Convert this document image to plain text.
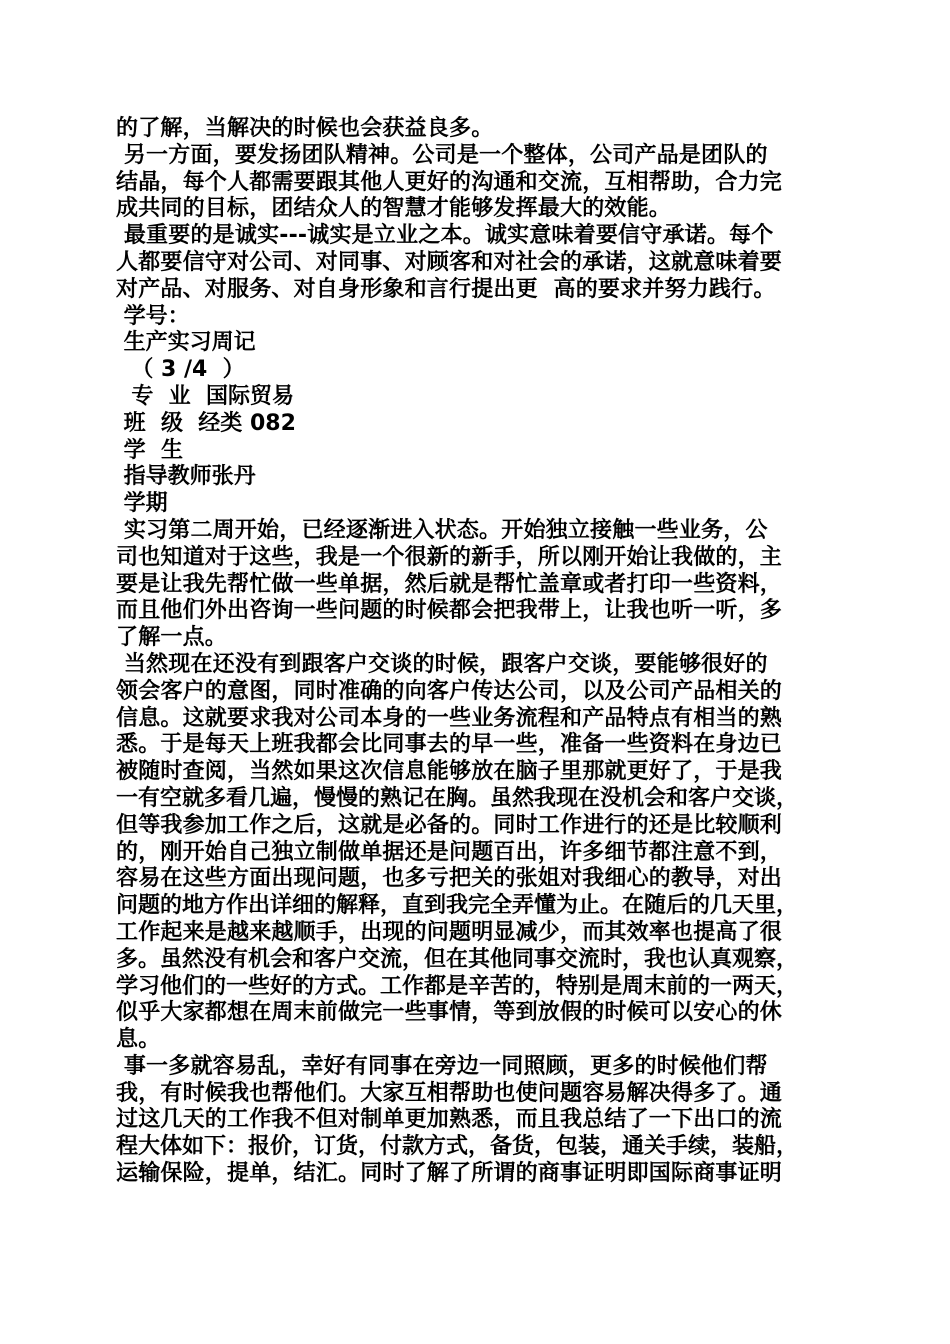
的了解，当解决的时候也会获益良多。
另一方面，要发扬团队精神。公司是一个整体，公司产品是团队的
结晶，每个人都需要跟其他人更好的沟通和交流，互相帮助，合力完
成共同的目标，团结众人的智慧才能够发挥最大的效能。
最重要的是诚实---诚实是立业之本。诚实意味着要信守承诺。每个
人都要信守对公司、对同事、对顾客和对社会的承诺，这就意味着要
对产品、对服务、对自身形象和言行提出更  高的要求并努力践行。
学号：
生产实习周记
（ 3 /4  ）
专  业  国际贸易
班  级  经类 082
学  生
指导教师张丹
学期
实习第二周开始，已经逐渐进入状态。开始独立接触一些业务，公
司也知道对于这些，我是一个很新的新手，所以刚开始让我做的，主
要是让我先帮忙做一些单据，然后就是帮忙盖章或者打印一些资料，
而且他们外出咨询一些问题的时候都会把我带上，让我也听一听，多
了解一点。
当然现在还没有到跟客户交谈的时候，跟客户交谈，要能够很好的
领会客户的意图，同时准确的向客户传达公司，以及公司产品相关的
信息。这就要求我对公司本身的一些业务流程和产品特点有相当的熟
悉。于是每天上班我都会比同事去的早一些，准备一些资料在身边已
被随时查阅，当然如果这次信息能够放在脑子里那就更好了，于是我
一有空就多看几遍，慢慢的熟记在胸。虽然我现在没机会和客户交谈，
但等我参加工作之后，这就是必备的。同时工作进行的还是比较顺利
的，刚开始自己独立制做单据还是问题百出，许多细节都注意不到，
容易在这些方面出现问题，也多亏把关的张姐对我细心的教导，对出
问题的地方作出详细的解释，直到我完全弄懂为止。在随后的几天里，
工作起来是越来越顺手，出现的问题明显减少，而其效率也提高了很
多。虽然没有机会和客户交流，但在其他同事交流时，我也认真观察，
学习他们的一些好的方式。工作都是辛苦的，特别是周末前的一两天，
似乎大家都想在周末前做完一些事情，等到放假的时候可以安心的休
息。
事一多就容易乱，幸好有同事在旁边一同照顾，更多的时候他们帮
我，有时候我也帮他们。大家互相帮助也使问题容易解决得多了。通
过这几天的工作我不但对制单更加熟悉，而且我总结了一下出口的流
程大体如下：报价，订货，付款方式，备货，包装，通关手续，装船，
运输保险，提单，结汇。同时了解了所谓的商事证明即国际商事证明
